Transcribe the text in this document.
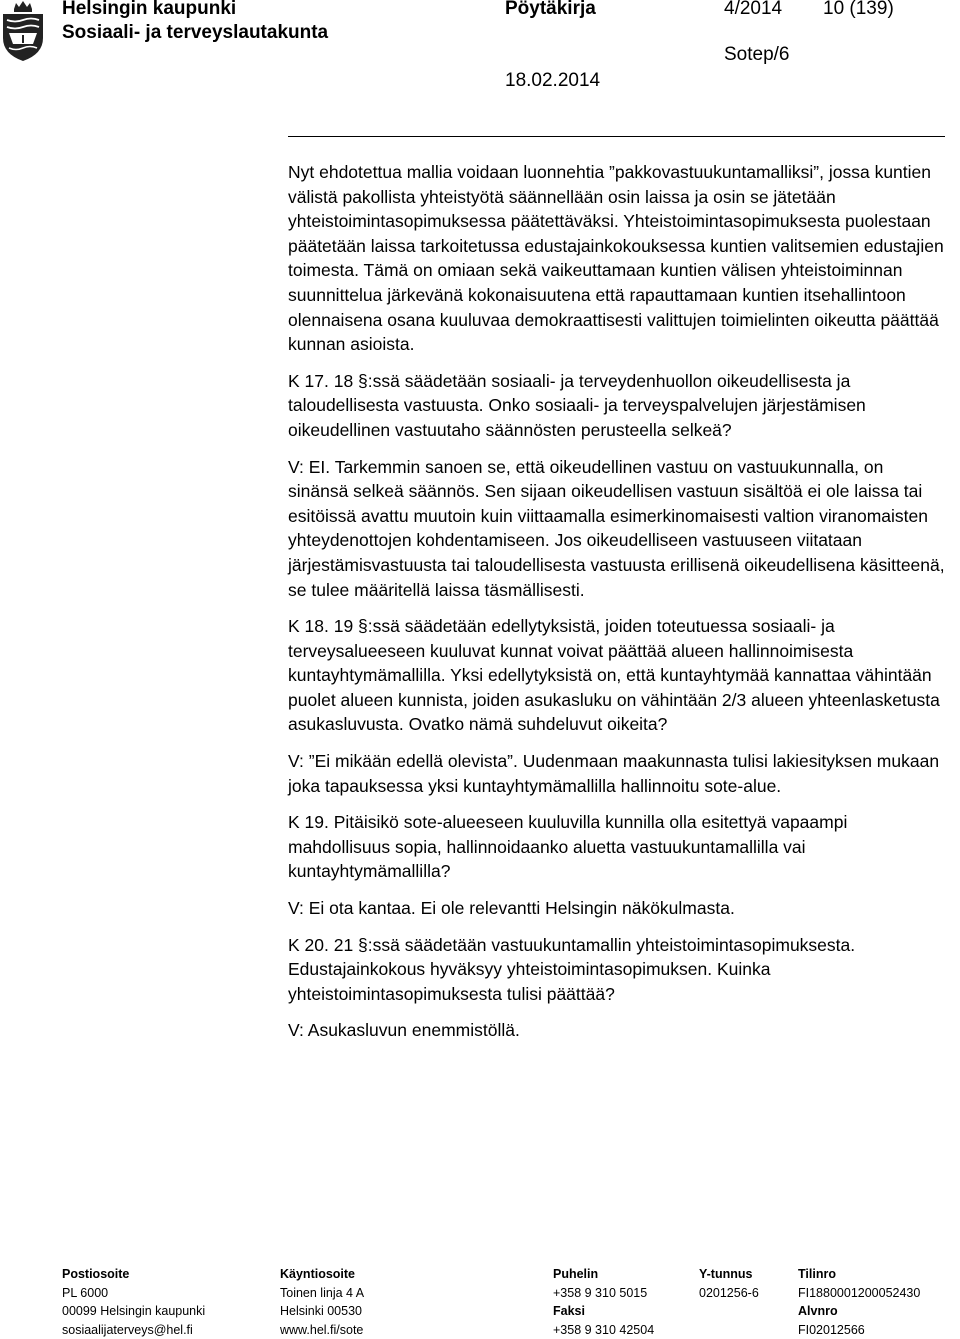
Helsingin kaupunki
Sosiaali- ja terveyslautakunta
Pöytäkirja	4/2014 10 (139)
Sotep/6
18.02.2014

Nyt ehdotettua mallia voidaan luonnehtia ”pakkovastuukuntamalliksi”, jossa kuntien välistä pakollista yhteistyötä säännellään osin laissa ja osin se jätetään yhteistoimintasopimuksessa päätettäväksi. Yhteistoimintasopimuksesta puolestaan päätetään laissa tarkoitetussa edustajainkokouksessa kuntien valitsemien edustajien toimesta. Tämä on omiaan sekä vaikeuttamaan kuntien välisen yhteistoiminnan suunnittelua järkevänä kokonaisuutena että rapauttamaan kuntien itsehallintoon olennaisena osana kuuluvaa demokraattisesti valittujen toimielinten oikeutta päättää kunnan asioista.

K 17. 18 §:ssä säädetään sosiaali- ja terveydenhuollon oikeudellisesta ja taloudellisesta vastuusta. Onko sosiaali- ja terveyspalvelujen järjestämisen oikeudellinen vastuutaho säännösten perusteella selkeä?

V: EI. Tarkemmin sanoen se, että oikeudellinen vastuu on vastuukunnalla, on sinänsä selkeä säännös. Sen sijaan oikeudellisen vastuun sisältöä ei ole laissa tai esitöissä avattu muutoin kuin viittaamalla esimerkinomaisesti valtion viranomaisten yhteydenottojen kohdentamiseen. Jos oikeudelliseen vastuuseen viitataan järjestämisvastuusta tai taloudellisesta vastuusta erillisenä oikeudellisena käsitteenä, se tulee määritellä laissa täsmällisesti.

K 18. 19 §:ssä säädetään edellytyksistä, joiden toteutuessa sosiaali- ja terveysalueeseen kuuluvat kunnat voivat päättää alueen hallinnoimisesta kuntayhtymämallilla. Yksi edellytyksistä on, että kuntayhtymää kannattaa vähintään puolet alueen kunnista, joiden asukasluku on vähintään 2/3 alueen yhteenlasketusta asukasluvusta. Ovatko nämä suhdeluvut oikeita?

V: ”Ei mikään edellä olevista”. Uudenmaan maakunnasta tulisi lakiesityksen mukaan joka tapauksessa yksi kuntayhtymämallilla hallinnoitu sote-alue.

K 19. Pitäisikö sote-alueeseen kuuluvilla kunnilla olla esitettyä vapaampi mahdollisuus sopia, hallinnoidaanko aluetta vastuukuntamallilla vai kuntayhtymämallilla?

V: Ei ota kantaa. Ei ole relevantti Helsingin näkökulmasta.

K 20. 21 §:ssä säädetään vastuukuntamallin yhteistoimintasopimuksesta. Edustajainkokous hyväksyy yhteistoimintasopimuksen. Kuinka yhteistoimintasopimuksesta tulisi päättää?

V: Asukasluvun enemmistöllä.

Postiosoite
PL 6000
00099 Helsingin kaupunki
sosiaalijaterveys@hel.fi
Käyntiosoite
Toinen linja 4 A
Helsinki 00530
www.hel.fi/sote
Puhelin
+358 9 310 5015
Faksi
+358 9 310 42504
Y-tunnus
0201256-6
Tilinro
FI1880001200052430
Alvnro
FI02012566
